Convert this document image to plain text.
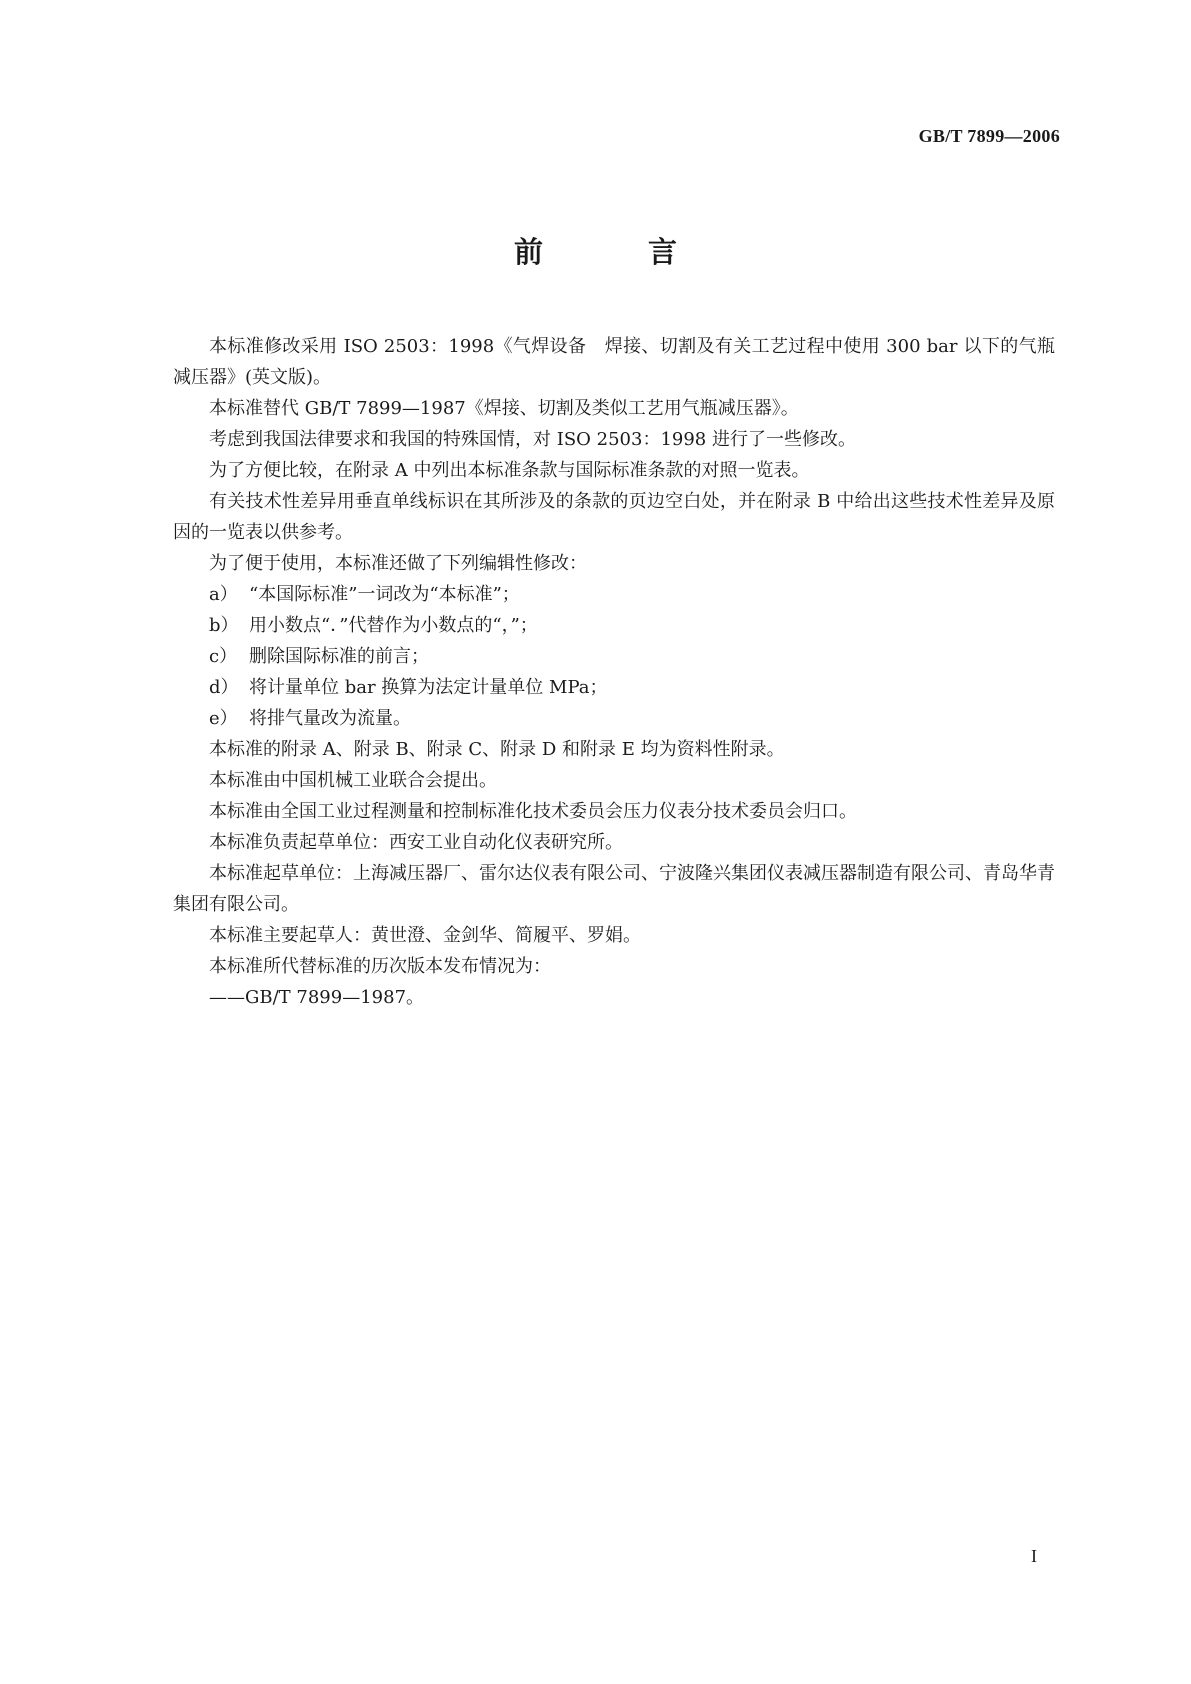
GB/T 7899—2006
前　言

本标准修改采用 ISO 2503：1998《气焊设备　焊接、切割及有关工艺过程中使用 300 bar 以下的气瓶减压器》(英文版)。

本标准替代 GB/T 7899—1987《焊接、切割及类似工艺用气瓶减压器》。

考虑到我国法律要求和我国的特殊国情，对 ISO 2503：1998 进行了一些修改。

为了方便比较，在附录 A 中列出本标准条款与国际标准条款的对照一览表。

有关技术性差异用垂直单线标识在其所涉及的条款的页边空白处，并在附录 B 中给出这些技术性差异及原因的一览表以供参考。

为了便于使用，本标准还做了下列编辑性修改：

a） “本国际标准”一词改为“本标准”；

b） 用小数点“．”代替作为小数点的“，”；

c） 删除国际标准的前言；

d） 将计量单位 bar 换算为法定计量单位 MPa；

e） 将排气量改为流量。

本标准的附录 A、附录 B、附录 C、附录 D 和附录 E 均为资料性附录。

本标准由中国机械工业联合会提出。

本标准由全国工业过程测量和控制标准化技术委员会压力仪表分技术委员会归口。

本标准负责起草单位：西安工业自动化仪表研究所。

本标准起草单位：上海减压器厂、雷尔达仪表有限公司、宁波隆兴集团仪表减压器制造有限公司、青岛华青集团有限公司。

本标准主要起草人：黄世澄、金剑华、简履平、罗娟。

本标准所代替标准的历次版本发布情况为：

——GB/T 7899—1987。

I
